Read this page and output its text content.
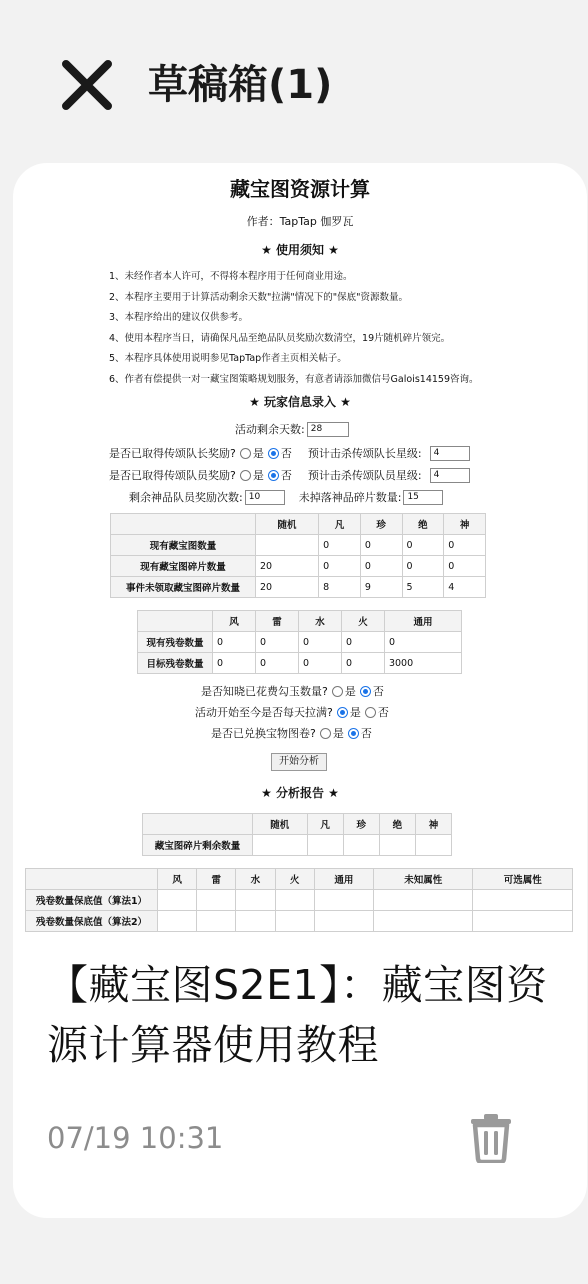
草稿箱(1)
藏宝图资源计算
作者：TapTap 伽罗瓦
★ 使用须知 ★
1、未经作者本人许可，不得将本程序用于任何商业用途。
2、本程序主要用于计算活动剩余天数"拉满"情况下的"保底"资源数量。
3、本程序给出的建议仅供参考。
4、使用本程序当日，请确保凡品至绝品队员奖励次数清空，19片随机碎片领完。
5、本程序具体使用说明参见TapTap作者主页相关帖子。
6、作者有偿提供一对一藏宝图策略规划服务，有意者请添加微信号Galois14159咨询。
★ 玩家信息录入 ★
活动剩余天数: 28
是否已取得传颂队长奖励? 是 否 预计击杀传颂队长星级:	4
是否已取得传颂队员奖励? 是 否 预计击杀传颂队员星级:	4
剩余神品队员奖励次数: 10	未掉落神品碎片数量: 15
	随机	凡	珍	绝	神
现有藏宝图数量		0	0	0	0
现有藏宝图碎片数量	20	0	0	0	0
事件未领取藏宝图碎片数量	20	8	9	5	4
	风	雷	水	火	通用
现有残卷数量	0	0	0	0	0
目标残卷数量	0	0	0	0	3000
是否知晓已花费勾玉数量? 是 否
活动开始至今是否每天拉满? 是 否
是否已兑换宝物图卷? 是 否
开始分析
★ 分析报告 ★
	随机	凡	珍	绝	神
藏宝图碎片剩余数量					
	风	雷	水	火	通用	未知属性	可选属性
残卷数量保底值（算法1）							
残卷数量保底值（算法2）							
【藏宝图S2E1】：藏宝图资源计算器使用教程
07/19 10:31
